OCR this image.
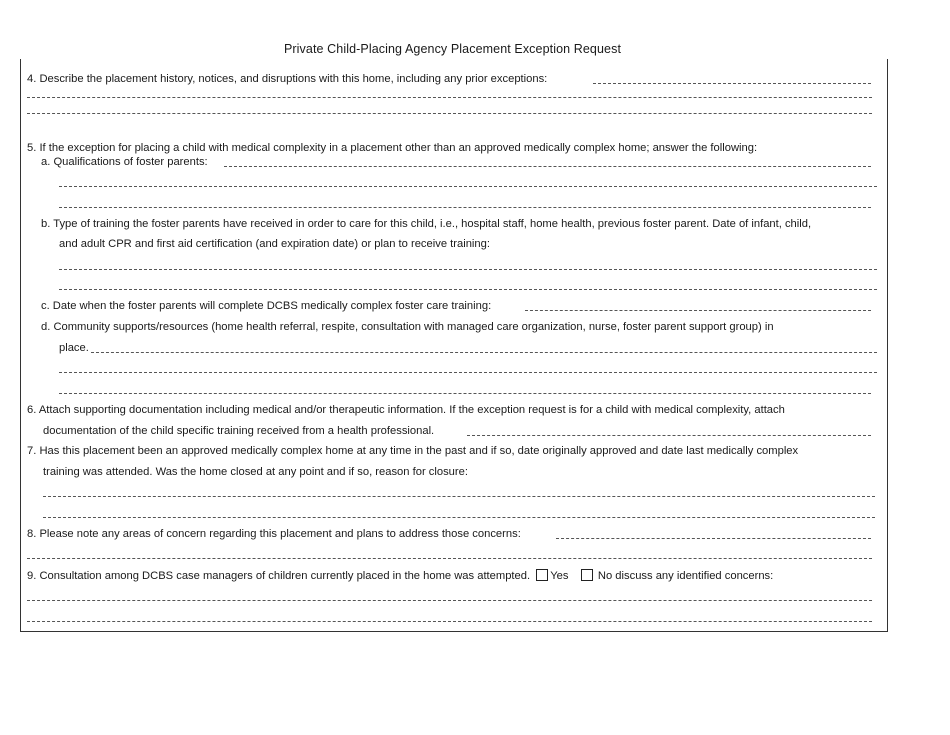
Private Child-Placing Agency Placement Exception Request
4. Describe the placement history, notices, and disruptions with this home, including any prior exceptions:
5. If the exception for placing a child with medical complexity in a placement other than an approved medically complex home; answer the following:
a. Qualifications of foster parents:
b. Type of training the foster parents have received in order to care for this child, i.e., hospital staff, home health, previous foster parent. Date of infant, child,
and adult CPR and first aid certification (and expiration date) or plan to receive training:
c. Date when the foster parents will complete DCBS medically complex foster care training:
d. Community supports/resources (home health referral, respite, consultation with managed care organization, nurse, foster parent support group) in
place.
6. Attach supporting documentation including medical and/or therapeutic information. If the exception request is for a child with medical complexity, attach
documentation of the child specific training received from a health professional.
7. Has this placement been an approved medically complex home at any time in the past and if so, date originally approved and date last medically complex
training was attended. Was the home closed at any point and if so, reason for closure:
8. Please note any areas of concern regarding this placement and plans to address those concerns:
9. Consultation among DCBS case managers of children currently placed in the home was attempted. Yes	No discuss any identified concerns:
